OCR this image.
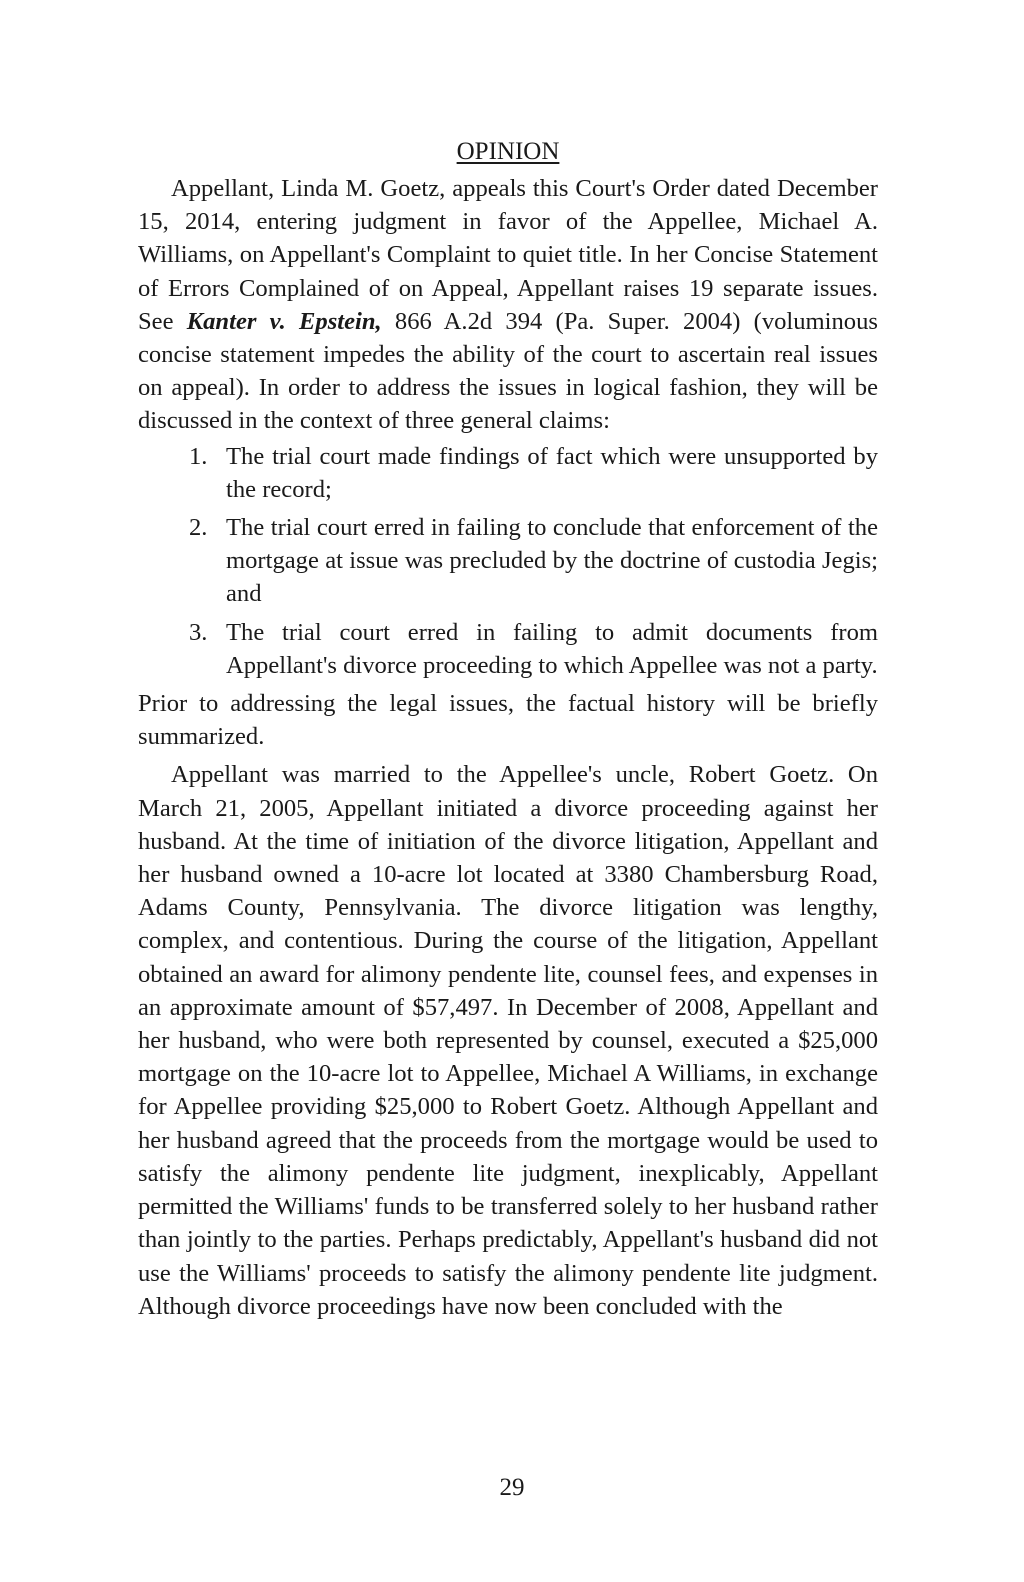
OPINION

Appellant, Linda M. Goetz, appeals this Court's Order dated December 15, 2014, entering judgment in favor of the Appellee, Michael A. Williams, on Appellant's Complaint to quiet title. In her Concise Statement of Errors Complained of on Appeal, Appellant raises 19 separate issues. See Kanter v. Epstein, 866 A.2d 394 (Pa. Super. 2004) (voluminous concise statement impedes the ability of the court to ascertain real issues on appeal). In order to address the issues in logical fashion, they will be discussed in the context of three general claims:

1. The trial court made findings of fact which were unsupported by the record;
2. The trial court erred in failing to conclude that enforcement of the mortgage at issue was precluded by the doctrine of custodia Jegis; and
3. The trial court erred in failing to admit documents from Appellant's divorce proceeding to which Appellee was not a party.

Prior to addressing the legal issues, the factual history will be briefly summarized.

Appellant was married to the Appellee's uncle, Robert Goetz. On March 21, 2005, Appellant initiated a divorce proceeding against her husband. At the time of initiation of the divorce litigation, Appellant and her husband owned a 10-acre lot located at 3380 Chambersburg Road, Adams County, Pennsylvania. The divorce litigation was lengthy, complex, and contentious. During the course of the litigation, Appellant obtained an award for alimony pendente lite, counsel fees, and expenses in an approximate amount of $57,497. In December of 2008, Appellant and her husband, who were both represented by counsel, executed a $25,000 mortgage on the 10-acre lot to Appellee, Michael A Williams, in exchange for Appellee providing $25,000 to Robert Goetz. Although Appellant and her husband agreed that the proceeds from the mortgage would be used to satisfy the alimony pendente lite judgment, inexplicably, Appellant permitted the Williams' funds to be transferred solely to her husband rather than jointly to the parties. Perhaps predictably, Appellant's husband did not use the Williams' proceeds to satisfy the alimony pendente lite judgment. Although divorce proceedings have now been concluded with the

29
